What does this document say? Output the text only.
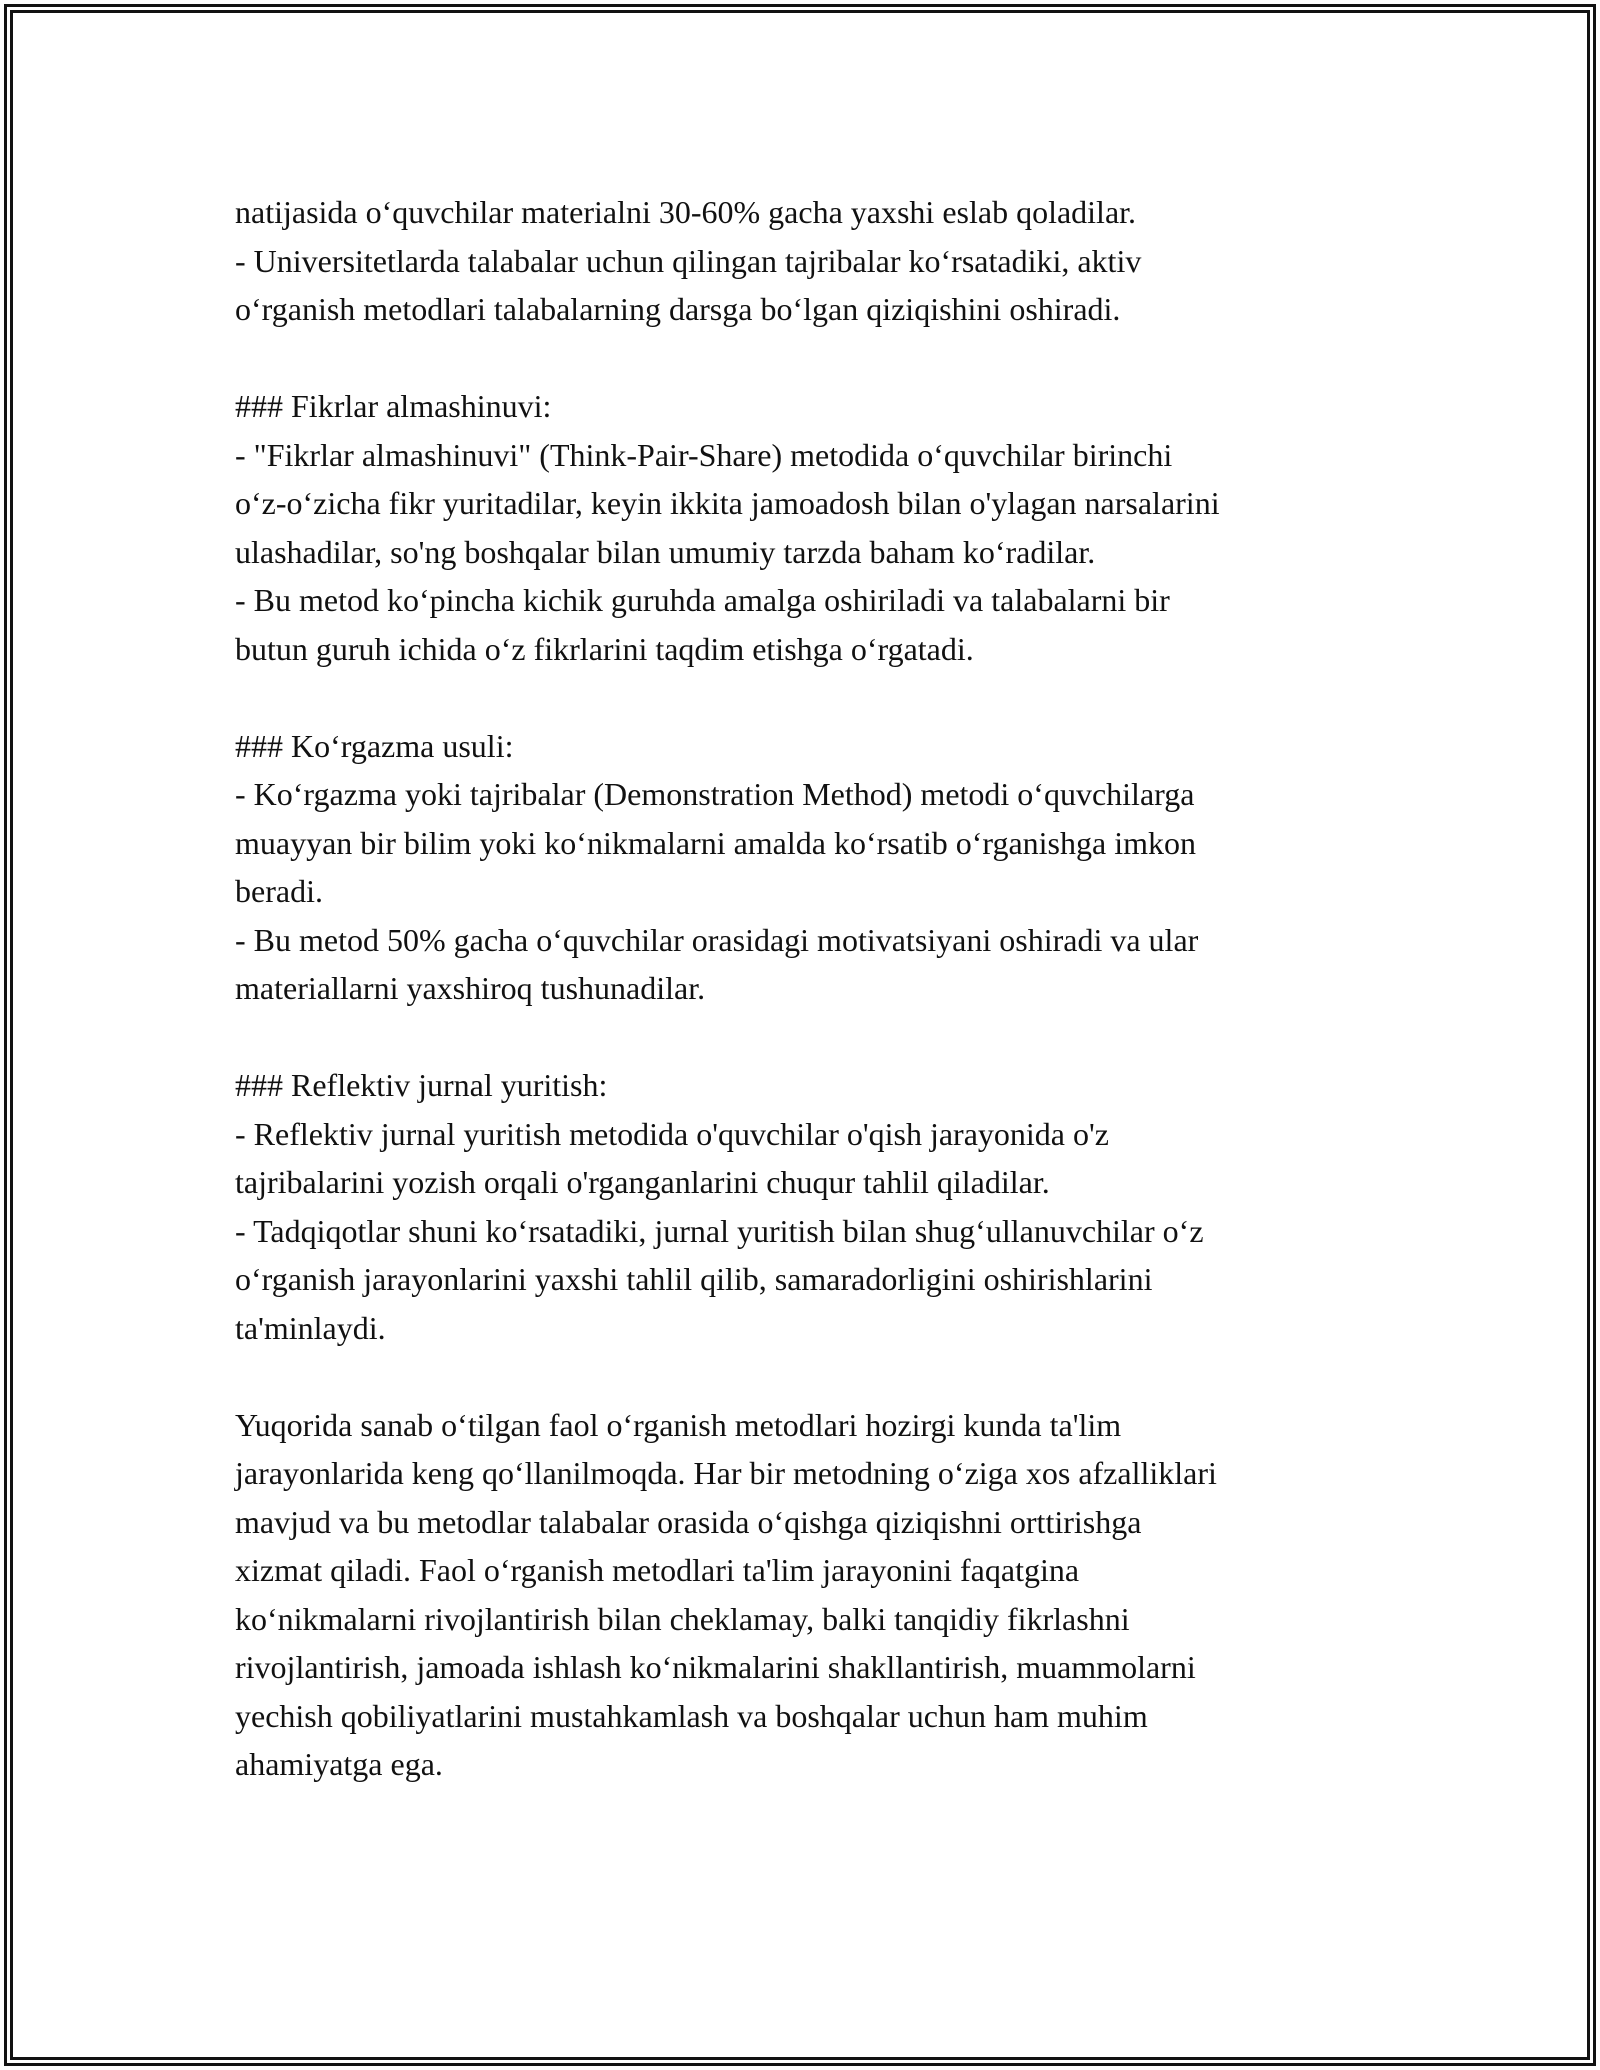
natijasida o‘quvchilar materialni 30-60% gacha yaxshi eslab qoladilar.
- Universitetlarda talabalar uchun qilingan tajribalar ko‘rsatadiki, aktiv
o‘rganish metodlari talabalarning darsga bo‘lgan qiziqishini oshiradi.
### Fikrlar almashinuvi:
- "Fikrlar almashinuvi" (Think-Pair-Share) metodida o‘quvchilar birinchi
o‘z-o‘zicha fikr yuritadilar, keyin ikkita jamoadosh bilan o'ylagan narsalarini
ulashadilar, so'ng boshqalar bilan umumiy tarzda baham ko‘radilar.
- Bu metod ko‘pincha kichik guruhda amalga oshiriladi va talabalarni bir
butun guruh ichida o‘z fikrlarini taqdim etishga o‘rgatadi.
### Ko‘rgazma usuli:
- Ko‘rgazma yoki tajribalar (Demonstration Method) metodi o‘quvchilarga
muayyan bir bilim yoki ko‘nikmalarni amalda ko‘rsatib o‘rganishga imkon
beradi.
- Bu metod 50% gacha o‘quvchilar orasidagi motivatsiyani oshiradi va ular
materiallarni yaxshiroq tushunadilar.
### Reflektiv jurnal yuritish:
- Reflektiv jurnal yuritish metodida o'quvchilar o'qish jarayonida o'z
tajribalarini yozish orqali o'rganganlarini chuqur tahlil qiladilar.
- Tadqiqotlar shuni ko‘rsatadiki, jurnal yuritish bilan shug‘ullanuvchilar o‘z
o‘rganish jarayonlarini yaxshi tahlil qilib, samaradorligini oshirishlarini
ta'minlaydi.
Yuqorida sanab o‘tilgan faol o‘rganish metodlari hozirgi kunda ta'lim
jarayonlarida keng qo‘llanilmoqda. Har bir metodning o‘ziga xos afzalliklari
mavjud va bu metodlar talabalar orasida o‘qishga qiziqishni orttirishga
xizmat qiladi. Faol o‘rganish metodlari ta'lim jarayonini faqatgina
ko‘nikmalarni rivojlantirish bilan cheklamay, balki tanqidiy fikrlashni
rivojlantirish, jamoada ishlash ko‘nikmalarini shakllantirish, muammolarni
yechish qobiliyatlarini mustahkamlash va boshqalar uchun ham muhim
ahamiyatga ega.
